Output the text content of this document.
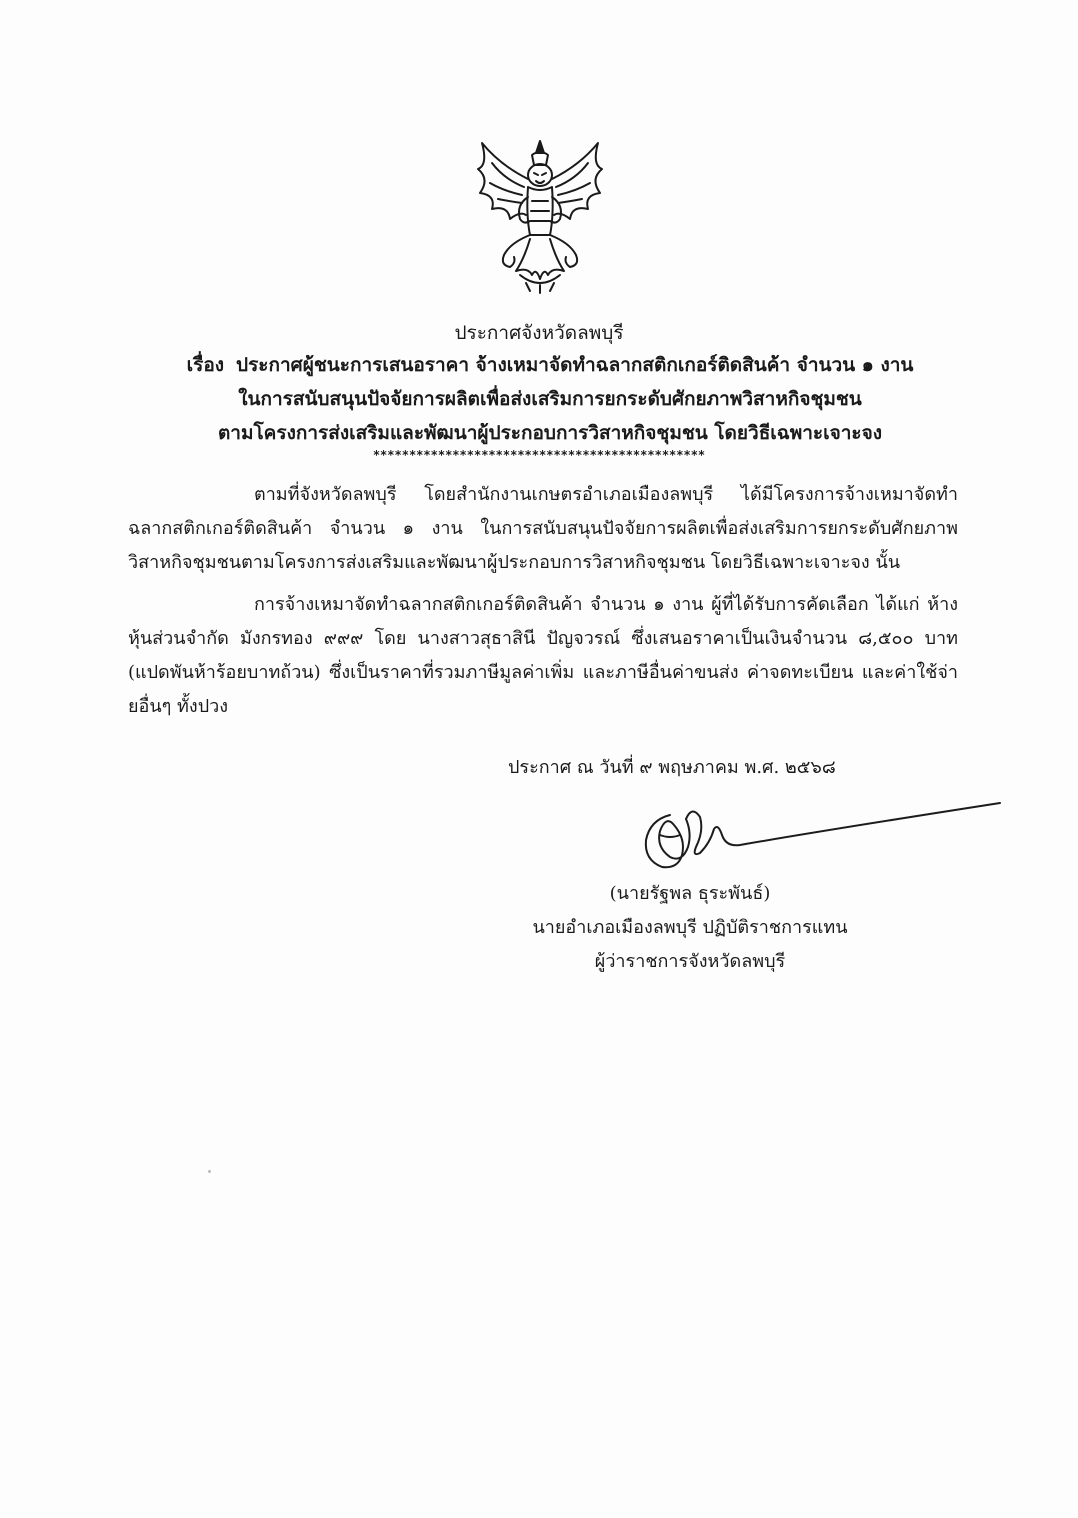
ประกาศจังหวัดลพบุรี
เรื่อง ประกาศผู้ชนะการเสนอราคา จ้างเหมาจัดทำฉลากสติกเกอร์ติดสินค้า จำนวน ๑ งาน
ในการสนับสนุนปัจจัยการผลิตเพื่อส่งเสริมการยกระดับศักยภาพวิสาหกิจชุมชน
ตามโครงการส่งเสริมและพัฒนาผู้ประกอบการวิสาหกิจชุมชน โดยวิธีเฉพาะเจาะจง
**********************************************
ตามที่จังหวัดลพบุรี โดยสำนักงานเกษตรอำเภอเมืองลพบุรี ได้มีโครงการจ้างเหมาจัดทำฉลากสติกเกอร์ติดสินค้า จำนวน ๑ งาน ในการสนับสนุนปัจจัยการผลิตเพื่อส่งเสริมการยกระดับศักยภาพวิสาหกิจชุมชนตามโครงการส่งเสริมและพัฒนาผู้ประกอบการวิสาหกิจชุมชน โดยวิธีเฉพาะเจาะจง นั้น
การจ้างเหมาจัดทำฉลากสติกเกอร์ติดสินค้า จำนวน ๑ งาน ผู้ที่ได้รับการคัดเลือก ได้แก่ ห้างหุ้นส่วนจำกัด มังกรทอง ๙๙๙ โดย นางสาวสุธาสินี ปัญจวรณ์ ซึ่งเสนอราคาเป็นเงินจำนวน ๘,๕๐๐ บาท (แปดพันห้าร้อยบาทถ้วน) ซึ่งเป็นราคาที่รวมภาษีมูลค่าเพิ่ม และภาษีอื่นค่าขนส่ง ค่าจดทะเบียน และค่าใช้จ่ายอื่นๆ ทั้งปวง
ประกาศ ณ วันที่ ๙ พฤษภาคม พ.ศ. ๒๕๖๘
(นายรัฐพล ธุระพันธ์)
นายอำเภอเมืองลพบุรี ปฏิบัติราชการแทน
ผู้ว่าราชการจังหวัดลพบุรี
